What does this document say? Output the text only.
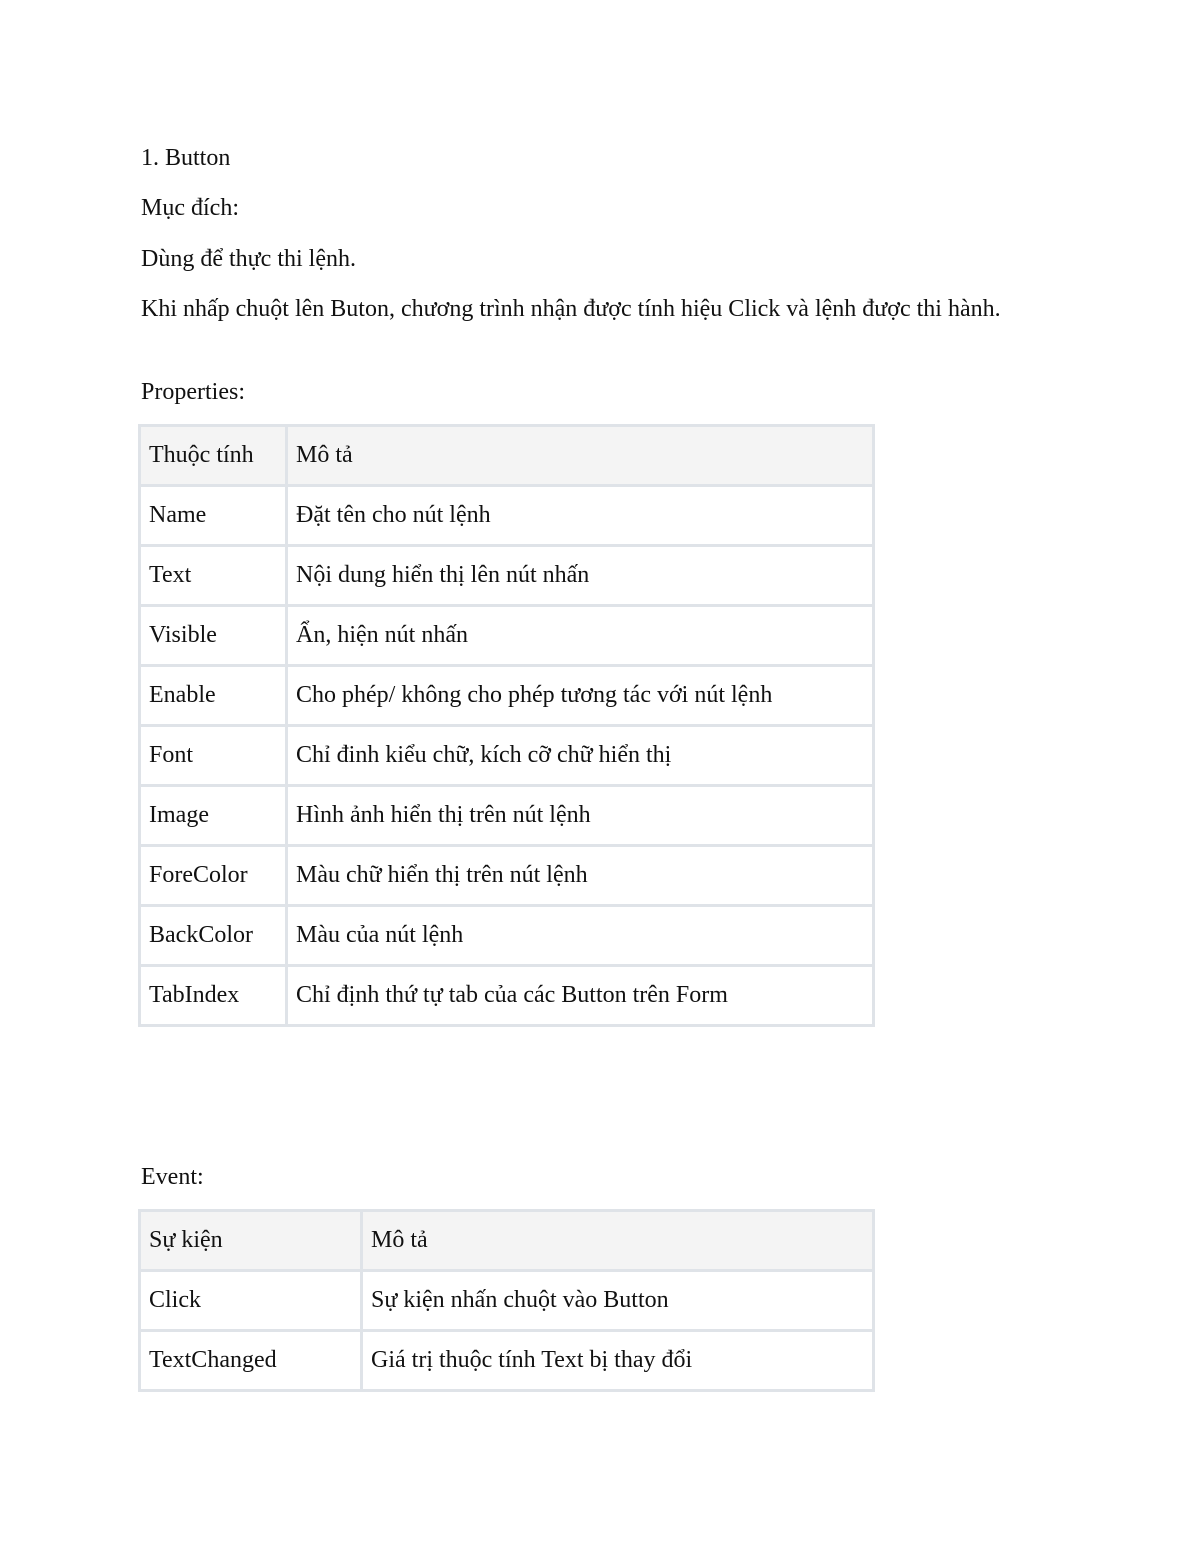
1. Button

Mục đích:

Dùng để thực thi lệnh.

Khi nhấp chuột lên Buton, chương trình nhận được tính hiệu Click và lệnh được thi hành.

Properties:

Thuộc tính	Mô tả
Name	Đặt tên cho nút lệnh
Text	Nội dung hiển thị lên nút nhấn
Visible	Ẩn, hiện nút nhấn
Enable	Cho phép/ không cho phép tương tác với nút lệnh
Font	Chỉ đinh kiểu chữ, kích cỡ chữ hiển thị
Image	Hình ảnh hiển thị trên nút lệnh
ForeColor	Màu chữ hiển thị trên nút lệnh
BackColor	Màu của nút lệnh
TabIndex	Chỉ định thứ tự tab của các Button trên Form

Event:

Sự kiện	Mô tả
Click	Sự kiện nhấn chuột vào Button
TextChanged	Giá trị thuộc tính Text bị thay đổi
